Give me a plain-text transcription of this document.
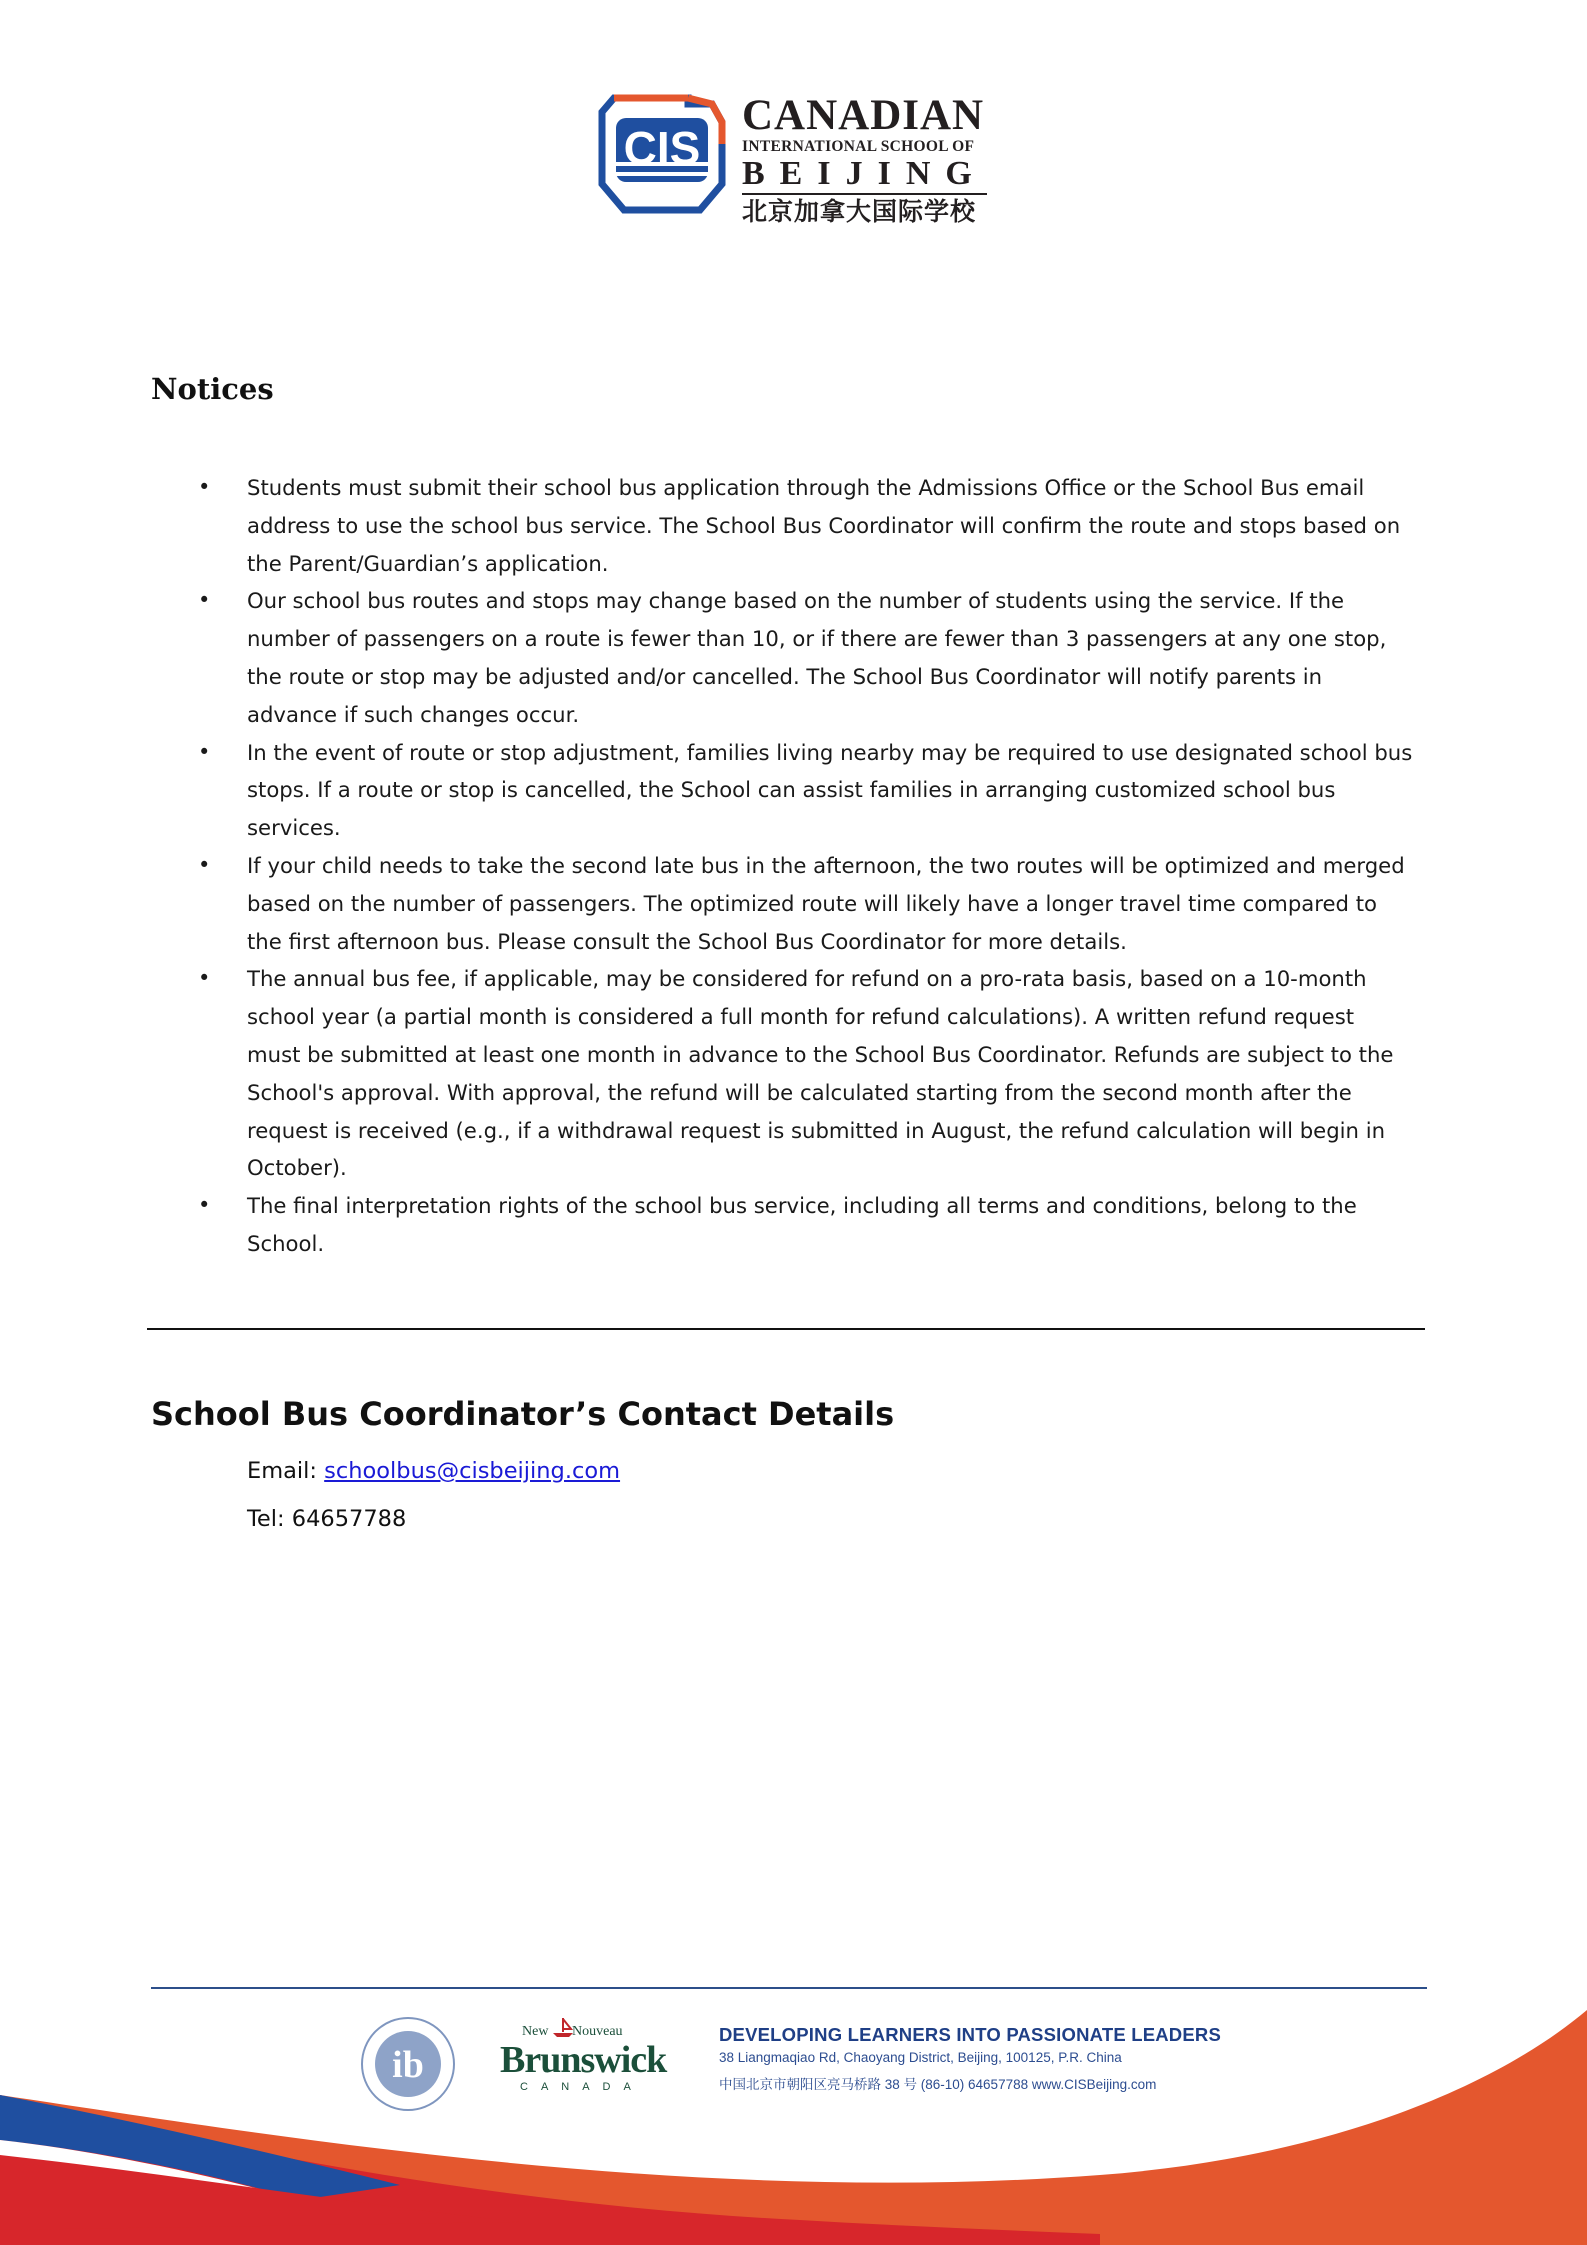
CIS
CANADIAN
INTERNATIONAL SCHOOL OF
BEIJING
北京加拿大国际学校
Notices
• Students must submit their school bus application through the Admissions Office or the School Bus email
address to use the school bus service. The School Bus Coordinator will confirm the route and stops based on
the Parent/Guardian’s application.
• Our school bus routes and stops may change based on the number of students using the service. If the
number of passengers on a route is fewer than 10, or if there are fewer than 3 passengers at any one stop,
the route or stop may be adjusted and/or cancelled. The School Bus Coordinator will notify parents in
advance if such changes occur.
• In the event of route or stop adjustment, families living nearby may be required to use designated school bus
stops. If a route or stop is cancelled, the School can assist families in arranging customized school bus
services.
• If your child needs to take the second late bus in the afternoon, the two routes will be optimized and merged
based on the number of passengers. The optimized route will likely have a longer travel time compared to
the first afternoon bus. Please consult the School Bus Coordinator for more details.
• The annual bus fee, if applicable, may be considered for refund on a pro-rata basis, based on a 10-month
school year (a partial month is considered a full month for refund calculations). A written refund request
must be submitted at least one month in advance to the School Bus Coordinator. Refunds are subject to the
School's approval. With approval, the refund will be calculated starting from the second month after the
request is received (e.g., if a withdrawal request is submitted in August, the refund calculation will begin in
October).
• The final interpretation rights of the school bus service, including all terms and conditions, belong to the
School.
School Bus Coordinator’s Contact Details
Email: schoolbus@cisbeijing.com
Tel: 64657788
ib
New Nouveau
Brunswick
CANADA
DEVELOPING LEARNERS INTO PASSIONATE LEADERS
38 Liangmaqiao Rd, Chaoyang District, Beijing, 100125, P.R. China
中国北京市朝阳区亮马桥路 38 号 (86-10) 64657788 www.CISBeijing.com
